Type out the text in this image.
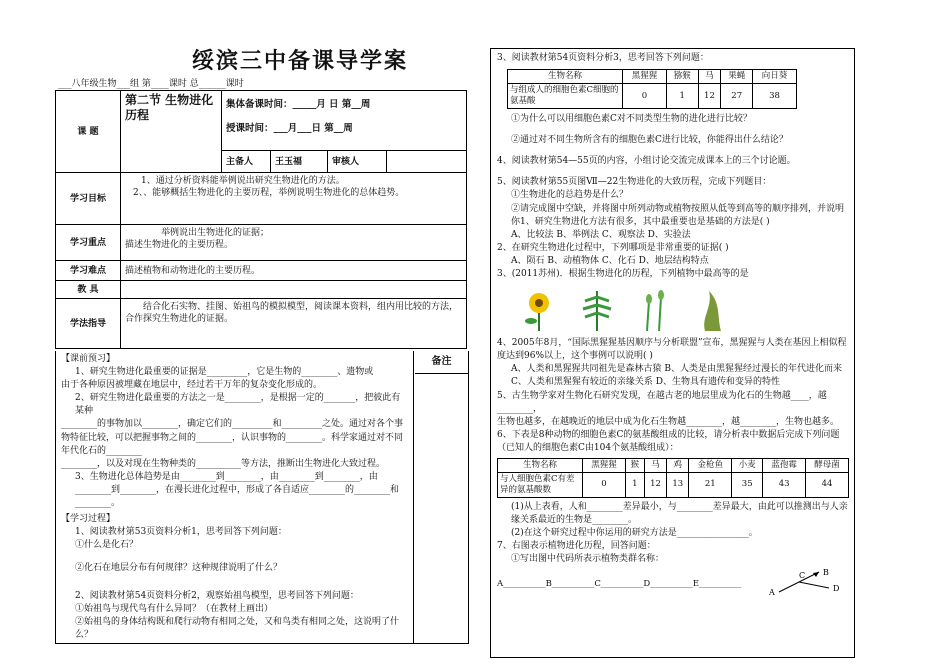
绥滨三中备课导学案
___八年级生物___组 第____课时 总______课时
课 题	第二节 生物进化历程	集体备课时间：_____月 日 第__周
授课时间：___月___日 第__周			

		主备人	王玉福	审核人	
学习目标	1、通过分析资料能举例说出研究生物进化的方法。
2、、能够概括生物进化的主要历程，举例说明生物进化的总体趋势。				

学习重点	举例说出生物进化的证据；
描述生物进化的主要历程。				

学习难点	描述植物和动物进化的主要历程。				
教 具					
学法指导	结合化石实物、挂图、始祖鸟的模拟模型，阅读课本资料，组内用比较的方法，合作探究生物进化的证据。				

【课前预习】

1、研究生物进化最重要的证据是_________，它是生物的________、遗物或

由于各种原因被埋藏在地层中，经过若干万年的复杂变化形成的。

2、研究生物进化最重要的方法之一是________，是根据一定的_______，把彼此有某种

________的事物加以________，确定它们的_________和_________之处。通过对各个事物特征比较，可以把握事物之间的________，认识事物的________。科学家通过对不同年代化石的________

________，以及对现在生物种类的__________等方法，推断出生物进化大致过程。

3、生物进化总体趋势是由________到________，由________到________，由________到________，在漫长进化过程中，形成了各自适应________的________和________。

【学习过程】

1、阅读教材第53页资料分析1，思考回答下列问题：

①什么是化石？

②化石在地层分布有何规律？这种规律说明了什么？

2、阅读教材第54页资料分析2，观察始祖鸟模型，思考回答下列问题：

①始祖鸟与现代鸟有什么异同？（在教材上画出）

②始祖鸟的身体结构既和爬行动物有相同之处，又和鸟类有相同之处，这说明了什么？

备注

3、阅读教材第54页资料分析3，思考回答下列问题：

生物名称	黑猩猩	猕猴	马	果蝇	向日葵
与组成人的细胞色素C细胞的氨基酸	0	1	12	27	38

①为什么可以用细胞色素C对不同类型生物的进化进行比较？

②通过对不同生物所含有的细胞色素C进行比较，你能得出什么结论？

4、阅读教材第54—55页的内容，小组讨论交流完成课本上的三个讨论题。

5、阅读教材第55页图Ⅶ—22生物进化的大致历程，完成下列题目：

①生物进化的总趋势是什么？

②请完成图中空缺，并将图中所列动物或植物按照从低等到高等的顺序排列，并说明你1、研究生物进化方法有很多，其中最重要也是基础的方法是( )

A、比较法 B、举例法 C、观察法 D、实验法

2、在研究生物进化过程中，下列哪项是非常重要的证据( )

A、陨石 B、动植物体 C、化石 D、地层结构特点

3、(2011苏州)．根据生物进化的历程，下列植物中最高等的是

4、2005年8月，“国际黑猩猩基因顺序与分析联盟”宣布，黑猩猩与人类在基因上相似程度达到96%以上，这个事例可以说明( )

A、人类和黑猩猩共同祖先是森林古猿 B、人类是由黑猩猩经过漫长的年代进化而来

C、人类和黑猩猩有较近的亲缘关系 D、生物具有遗传和变异的特性

5、古生物学家对生物化石研究发现，在越古老的地层里成为化石的生物越____，越________，

生物也越多，在越晚近的地层中成为化石生物越________，越________，生物也越多。

6、下表是8种动物的细胞色素C的氨基酸组成的比较，请分析表中数据后完成下列问题（已知人的细胞色素C由104个氨基酸组成）：

生物名称	黑猩猩	猴	马	鸡	金枪鱼	小麦	蓝孢霉	酵母菌
与人细胞色素C有差异的氨基酸数	0	1	12	13	21	35	43	44

(1)从上表看，人和________差异最小，与________差异最大，由此可以推测出与人亲缘关系最近的生物是________。

(2)在这个研究过程中你运用的研究方法是________________。

7、右图表示植物进化历程，回答问题：

①写出图中代码所表示植物类群名称：

A__________B__________C__________D__________E__________
B
C
A	D
